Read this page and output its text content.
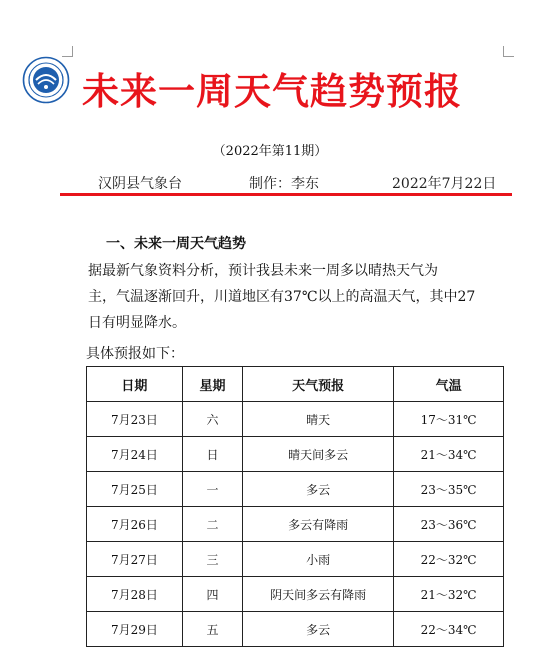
未来一周天气趋势预报
（2022年第11期）
汉阴县气象台	制作：李东	2022年7月22日
一、未来一周天气趋势
据最新气象资料分析，预计我县未来一周多以晴热天气为
主，气温逐渐回升，川道地区有37℃以上的高温天气，其中27
日有明显降水。
具体预报如下：
日期	星期	天气预报	气温
7月23日	六	晴天	17～31℃
7月24日	日	晴天间多云	21～34℃
7月25日	一	多云	23～35℃
7月26日	二	多云有降雨	23～36℃
7月27日	三	小雨	22～32℃
7月28日	四	阴天间多云有降雨	21～32℃
7月29日	五	多云	22～34℃
